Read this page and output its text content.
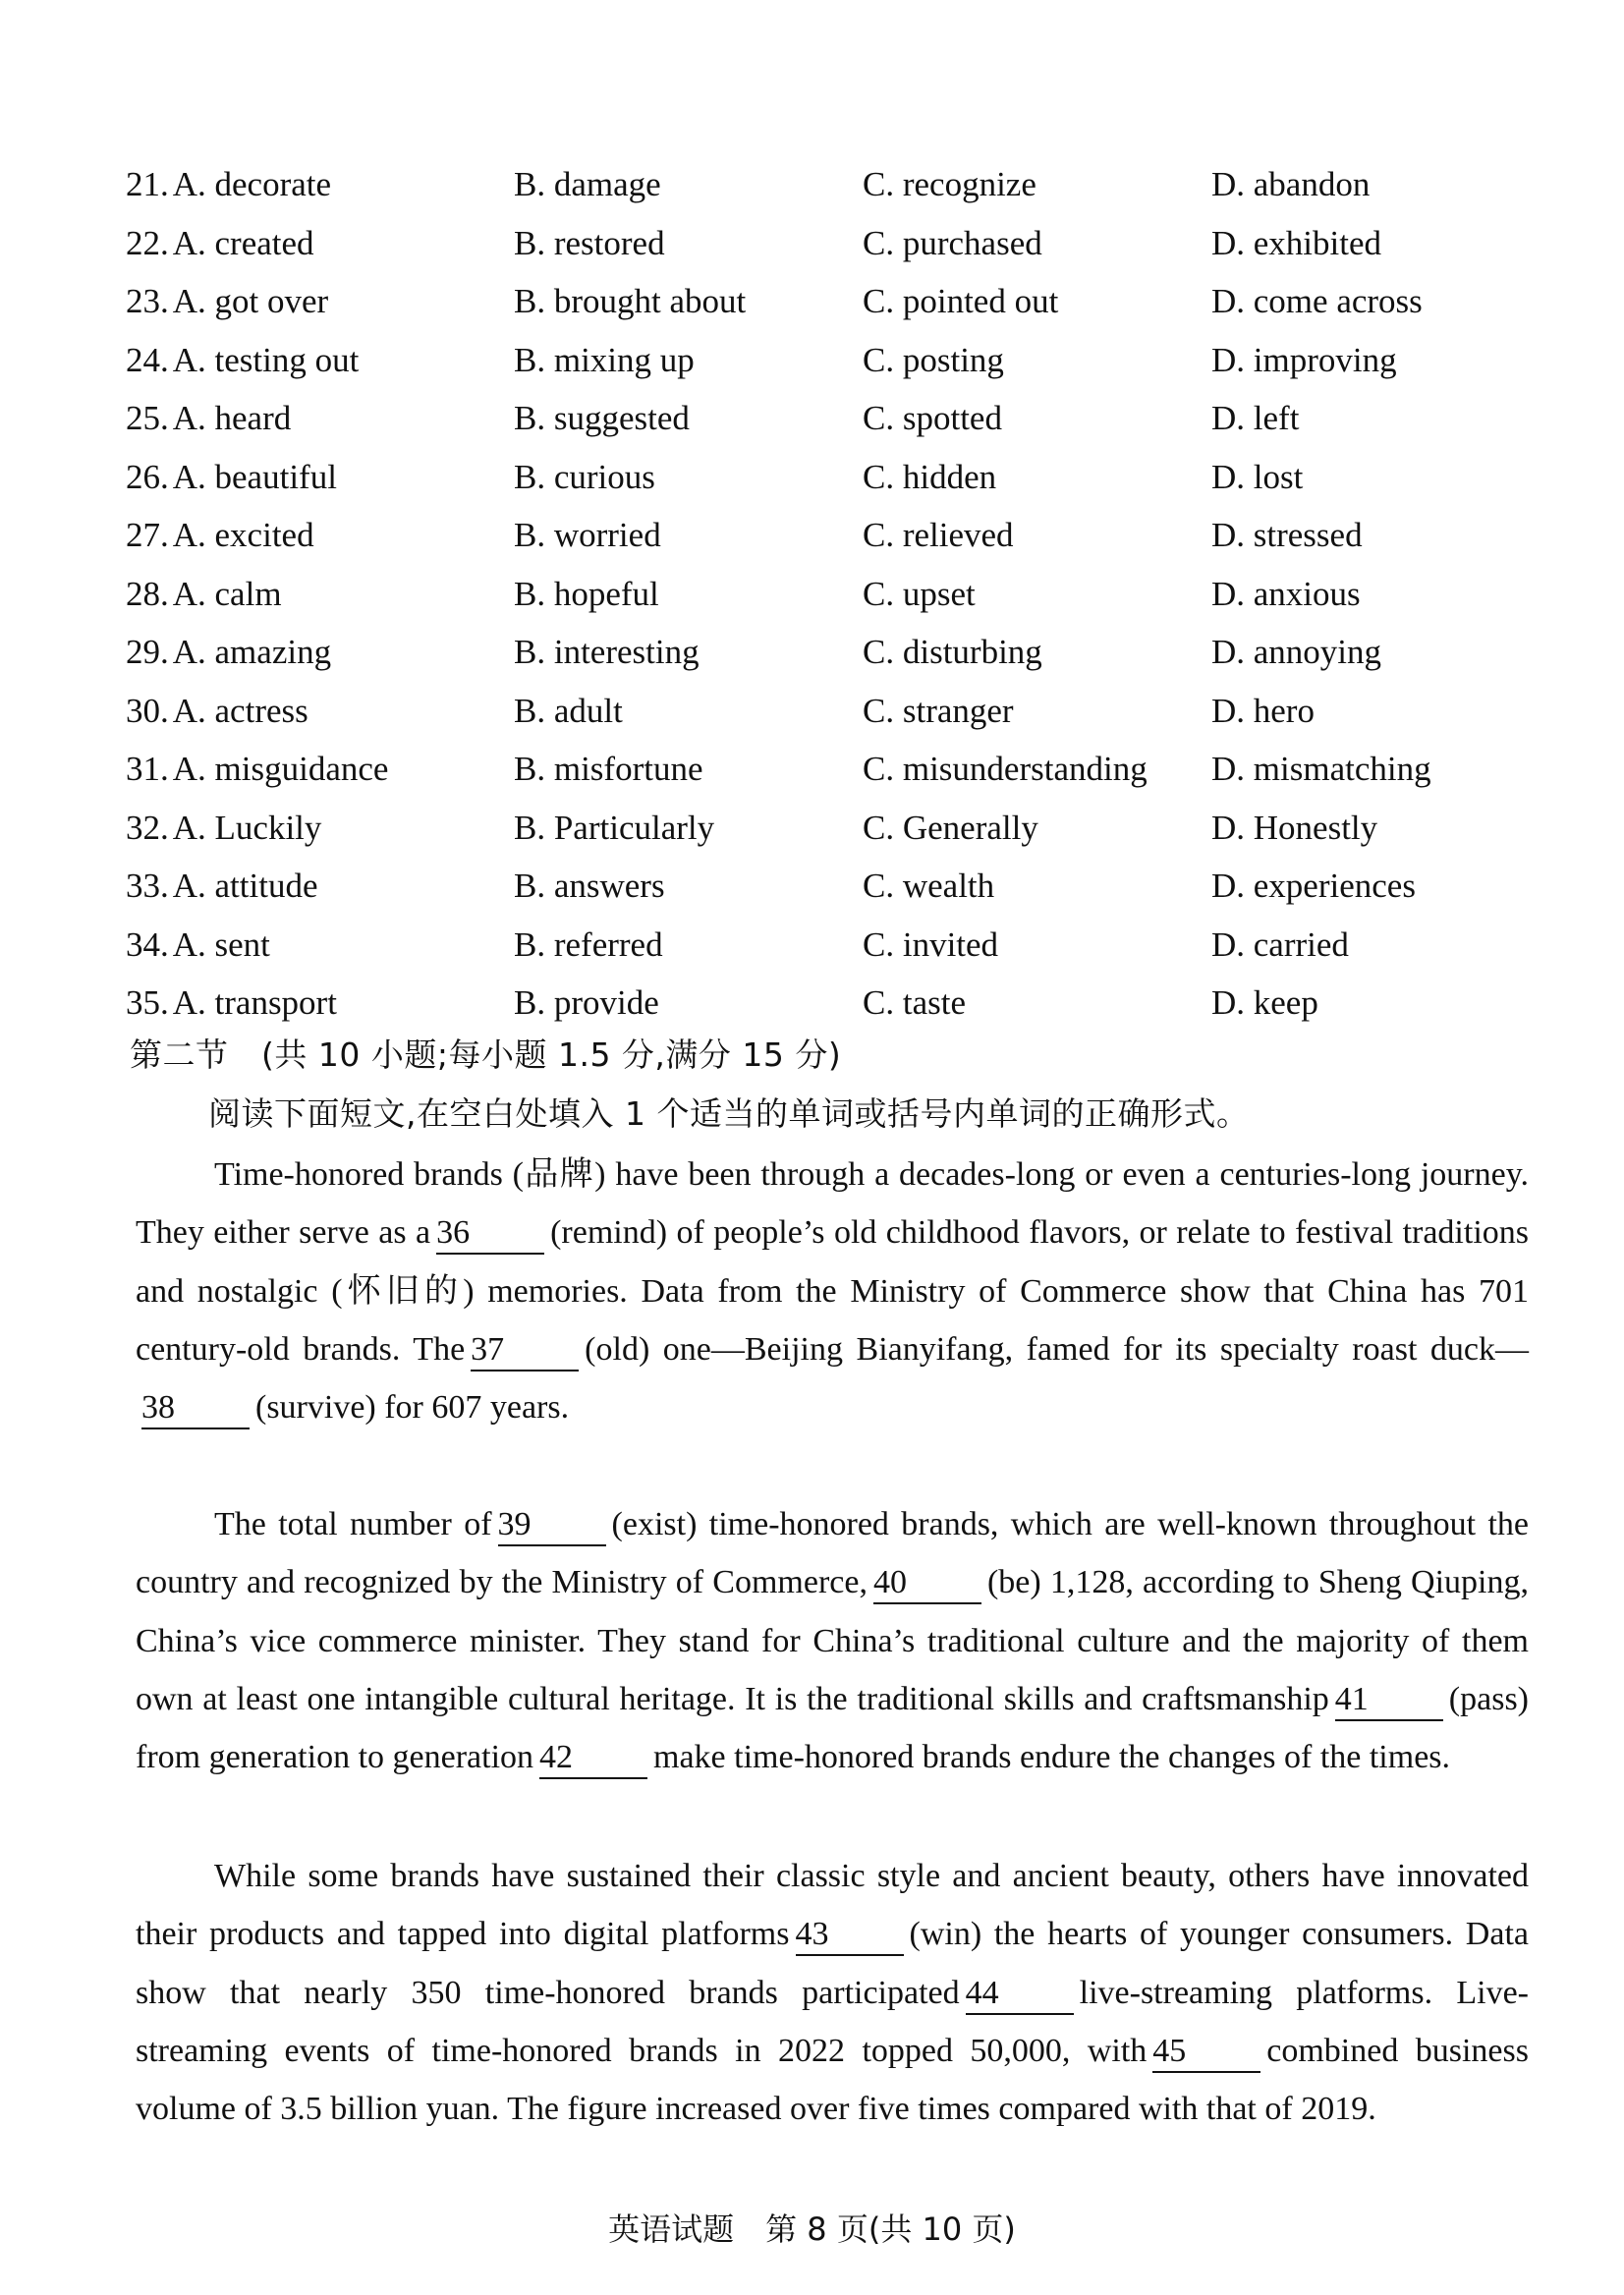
21. A. decorate	B. damage	C. recognize	D. abandon
22. A. created	B. restored	C. purchased	D. exhibited
23. A. got over	B. brought about	C. pointed out	D. come across
24. A. testing out	B. mixing up	C. posting	D. improving
25. A. heard	B. suggested	C. spotted	D. left
26. A. beautiful	B. curious	C. hidden	D. lost
27. A. excited	B. worried	C. relieved	D. stressed
28. A. calm	B. hopeful	C. upset	D. anxious
29. A. amazing	B. interesting	C. disturbing	D. annoying
30. A. actress	B. adult	C. stranger	D. hero
31. A. misguidance	B. misfortune	C. misunderstanding D. mismatching
32. A. Luckily	B. Particularly	C. Generally	D. Honestly
33. A. attitude	B. answers	C. wealth	D. experiences
34. A. sent	B. referred	C. invited	D. carried
35. A. transport	B. provide	C. taste	D. keep
第二节　(共 10 小题;每小题 1.5 分,满分 15 分)
阅读下面短文,在空白处填入 1 个适当的单词或括号内单词的正确形式。

Time-honored brands (品牌) have been through a decades-long or even a centuries-long journey. They either serve as a 36 (remind) of people’s old childhood flavors, or relate to festival traditions and nostalgic (怀旧的) memories. Data from the Ministry of Commerce show that China has 701 century-old brands. The 37 (old) one—Beijing Bianyifang, famed for its specialty roast duck—38 (survive) for 607 years.

The total number of 39 (exist) time-honored brands, which are well-known throughout the country and recognized by the Ministry of Commerce, 40 (be) 1,128, according to Sheng Qiuping, China’s vice commerce minister. They stand for China’s traditional culture and the majority of them own at least one intangible cultural heritage. It is the traditional skills and craftsmanship 41 (pass) from generation to generation 42 make time-honored brands endure the changes of the times.

While some brands have sustained their classic style and ancient beauty, others have innovated their products and tapped into digital platforms 43 (win) the hearts of younger consumers. Data show that nearly 350 time-honored brands participated 44 live-streaming platforms. Live-streaming events of time-honored brands in 2022 topped 50,000, with 45 combined business volume of 3.5 billion yuan. The figure increased over five times compared with that of 2019.

英语试题　第 8 页(共 10 页)
